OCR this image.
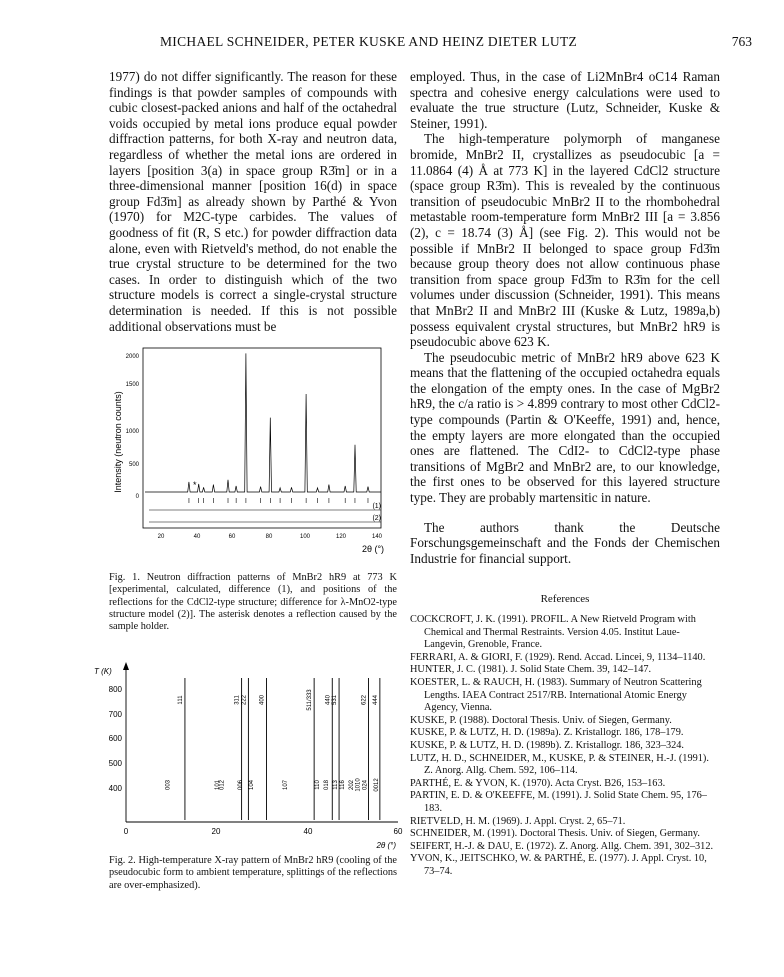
MICHAEL SCHNEIDER, PETER KUSKE AND HEINZ DIETER LUTZ	763

1977) do not differ significantly. The reason for these findings is that powder samples of compounds with cubic closest-packed anions and half of the octahedral voids occupied by metal ions produce equal powder diffraction patterns, for both X-ray and neutron data, regardless of whether the metal ions are ordered in layers [position 3(a) in space group R3̄m] or in a three-dimensional manner [position 16(d) in space group Fd3̄m] as already shown by Parthé & Yvon (1970) for M2C-type carbides. The values of goodness of fit (R, S etc.) for powder diffraction data alone, even with Rietveld's method, do not enable the true crystal structure to be determined for the two cases. In order to distinguish which of the two structure models is correct a single-crystal structure determination is needed. If this is not possible additional observations must be

Intensity (neutron counts)
2000
1500
1000
500
0
(1)
(2)
*
20	40	60	80	100	120	140
2θ (°)
Fig. 1. Neutron diffraction patterns of MnBr2 hR9 at 773 K [experimental, calculated, difference (1), and positions of the reflections for the CdCl2-type structure; difference for λ-MnO2-type structure model (2)]. The asterisk denotes a reflection caused by the sample holder.
T (K)
800
700
600
500
400
0	20	40	60
2θ (°)
111	311 222 400	511/333 440 531	622 444
003	101
012 006 104	107	110 018 113 116 202 1010 024 0012
Fig. 2. High-temperature X-ray pattern of MnBr2 hR9 (cooling of the pseudocubic form to ambient temperature, splittings of the reflections are over-emphasized).

employed. Thus, in the case of Li2MnBr4 oC14 Raman spectra and cohesive energy calculations were used to evaluate the true structure (Lutz, Schneider, Kuske & Steiner, 1991).

The high-temperature polymorph of manganese bromide, MnBr2 II, crystallizes as pseudocubic [a = 11.0864 (4) Å at 773 K] in the layered CdCl2 structure (space group R3̄m). This is revealed by the continuous transition of pseudocubic MnBr2 II to the rhombohedral metastable room-temperature form MnBr2 III [a = 3.856 (2), c = 18.74 (3) Å] (see Fig. 2). This would not be possible if MnBr2 II belonged to space group Fd3̄m because group theory does not allow continuous phase transition from space group Fd3̄m to R3̄m for the cell volumes under discussion (Schneider, 1991). This means that MnBr2 II and MnBr2 III (Kuske & Lutz, 1989a,b) possess equivalent crystal structures, but MnBr2 hR9 is pseudocubic above 623 K.

The pseudocubic metric of MnBr2 hR9 above 623 K means that the flattening of the occupied octahedra equals the elongation of the empty ones. In the case of MgBr2 hR9, the c/a ratio is > 4.899 contrary to most other CdCl2-type compounds (Partin & O'Keeffe, 1991) and, hence, the empty layers are more elongated than the occupied ones are flattened. The CdI2- to CdCl2-type phase transitions of MgBr2 and MnBr2 are, to our knowledge, the first ones to be observed for this layered structure type. They are probably martensitic in nature.

The authors thank the Deutsche Forschungsgemeinschaft and the Fonds der Chemischen Industrie for financial support.

References

COCKCROFT, J. K. (1991). PROFIL. A New Rietveld Program with Chemical and Thermal Restraints. Version 4.05. Institut Laue-Langevin, Grenoble, France.

FERRARI, A. & GIORI, F. (1929). Rend. Accad. Lincei, 9, 1134–1140.

HUNTER, J. C. (1981). J. Solid State Chem. 39, 142–147.

KOESTER, L. & RAUCH, H. (1983). Summary of Neutron Scattering Lengths. IAEA Contract 2517/RB. International Atomic Energy Agency, Vienna.

KUSKE, P. (1988). Doctoral Thesis. Univ. of Siegen, Germany.

KUSKE, P. & LUTZ, H. D. (1989a). Z. Kristallogr. 186, 178–179.

KUSKE, P. & LUTZ, H. D. (1989b). Z. Kristallogr. 186, 323–324.

LUTZ, H. D., SCHNEIDER, M., KUSKE, P. & STEINER, H.-J. (1991). Z. Anorg. Allg. Chem. 592, 106–114.

PARTHÉ, E. & YVON, K. (1970). Acta Cryst. B26, 153–163.

PARTIN, E. D. & O'KEEFFE, M. (1991). J. Solid State Chem. 95, 176–183.

RIETVELD, H. M. (1969). J. Appl. Cryst. 2, 65–71.

SCHNEIDER, M. (1991). Doctoral Thesis. Univ. of Siegen, Germany.

SEIFERT, H.-J. & DAU, E. (1972). Z. Anorg. Allg. Chem. 391, 302–312.

YVON, K., JEITSCHKO, W. & PARTHÉ, E. (1977). J. Appl. Cryst. 10, 73–74.
